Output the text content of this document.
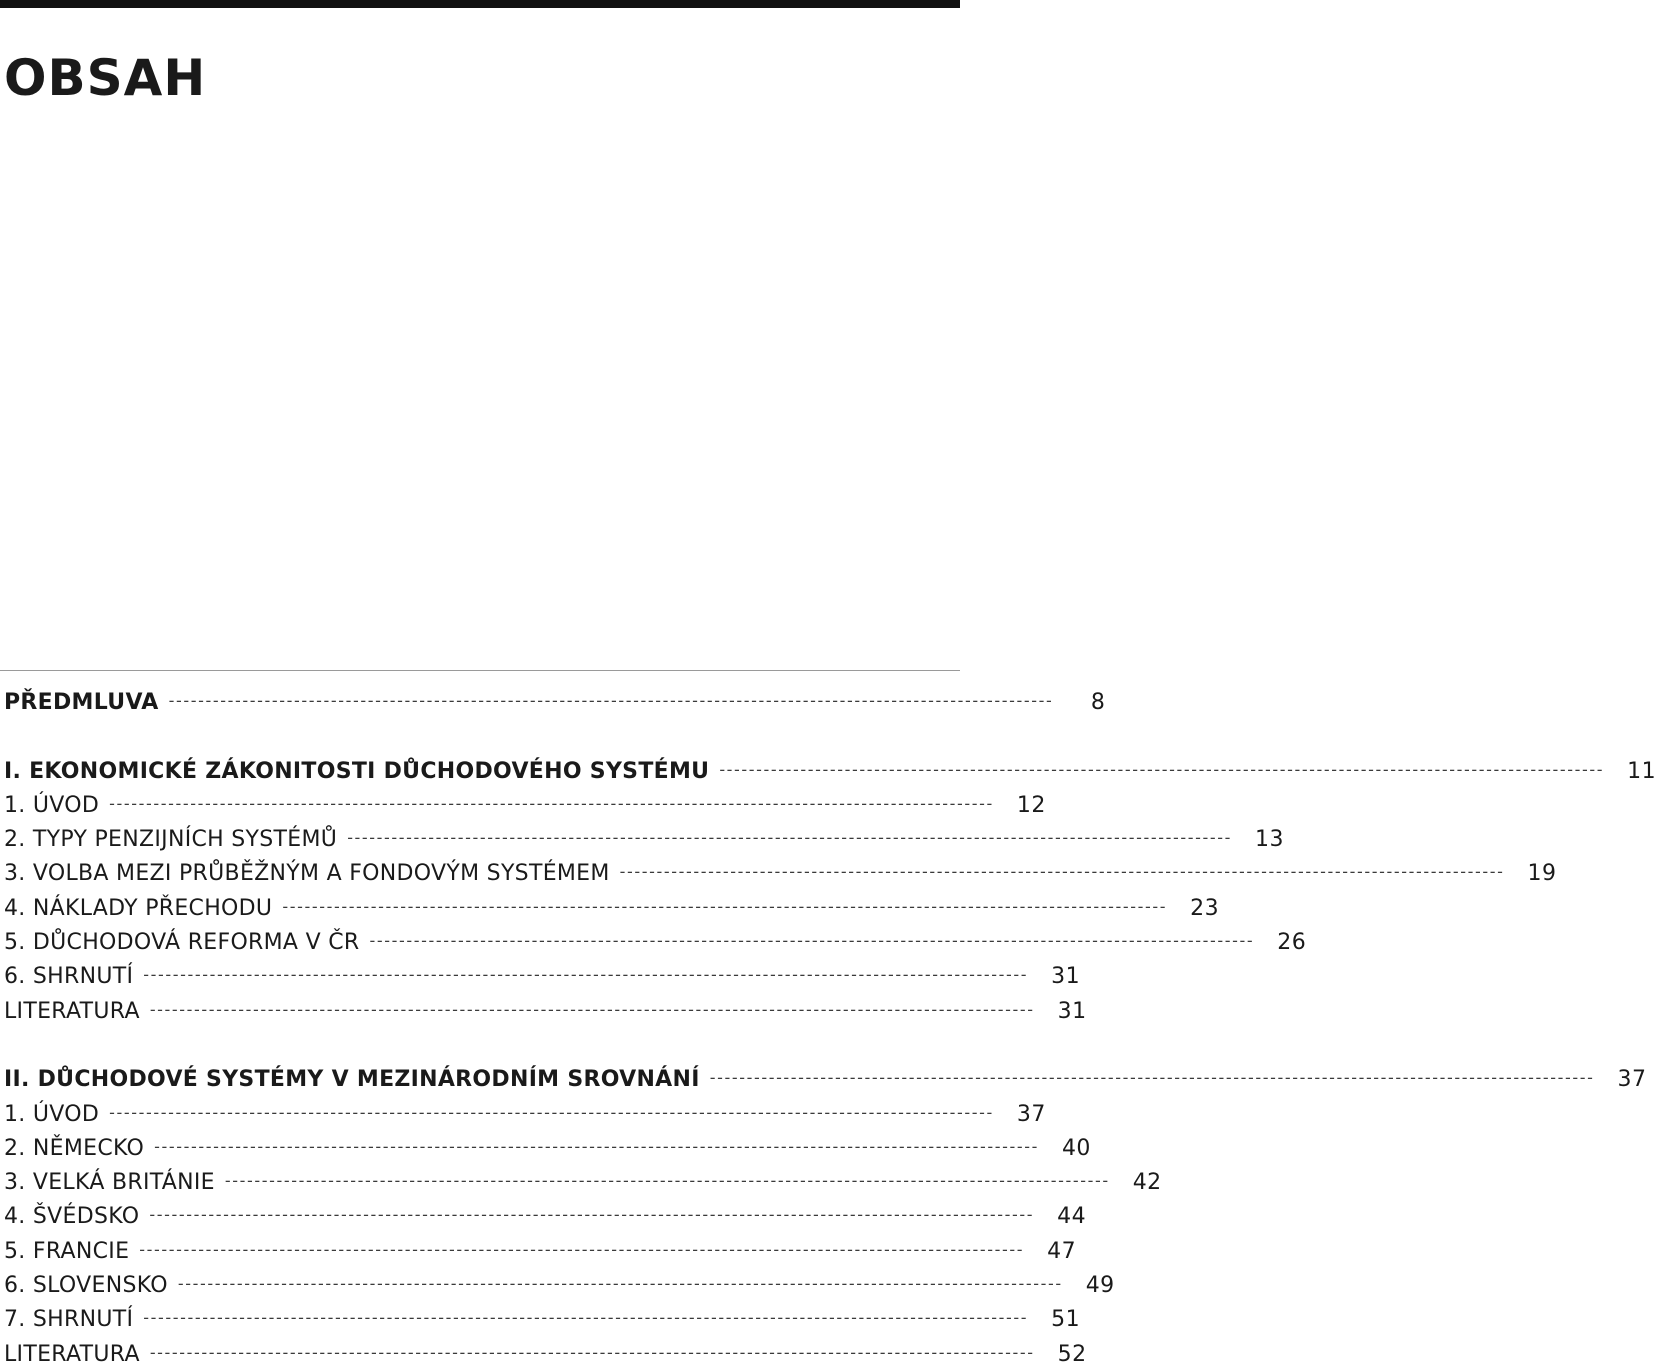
OBSAH
PŘEDMLUVA ------------------------------------------------------------------------------------------------------------------------	8
I. EKONOMICKÉ ZÁKONITOSTI DŮCHODOVÉHO SYSTÉMU ------------------------------------------------------------------------------------------------------------------------	11
1. ÚVOD ------------------------------------------------------------------------------------------------------------------------	12
2. TYPY PENZIJNÍCH SYSTÉMŮ ------------------------------------------------------------------------------------------------------------------------	13
3. VOLBA MEZI PRŮBĚŽNÝM A FONDOVÝM SYSTÉMEM ------------------------------------------------------------------------------------------------------------------------	19
4. NÁKLADY PŘECHODU ------------------------------------------------------------------------------------------------------------------------	23
5. DŮCHODOVÁ REFORMA V ČR ------------------------------------------------------------------------------------------------------------------------	26
6. SHRNUTÍ ------------------------------------------------------------------------------------------------------------------------	31
LITERATURA ------------------------------------------------------------------------------------------------------------------------	31
II. DŮCHODOVÉ SYSTÉMY V MEZINÁRODNÍM SROVNÁNÍ ------------------------------------------------------------------------------------------------------------------------	37
1. ÚVOD ------------------------------------------------------------------------------------------------------------------------	37
2. NĚMECKO ------------------------------------------------------------------------------------------------------------------------	40
3. VELKÁ BRITÁNIE ------------------------------------------------------------------------------------------------------------------------	42
4. ŠVÉDSKO ------------------------------------------------------------------------------------------------------------------------	44
5. FRANCIE ------------------------------------------------------------------------------------------------------------------------	47
6. SLOVENSKO ------------------------------------------------------------------------------------------------------------------------	49
7. SHRNUTÍ ------------------------------------------------------------------------------------------------------------------------	51
LITERATURA ------------------------------------------------------------------------------------------------------------------------	52
